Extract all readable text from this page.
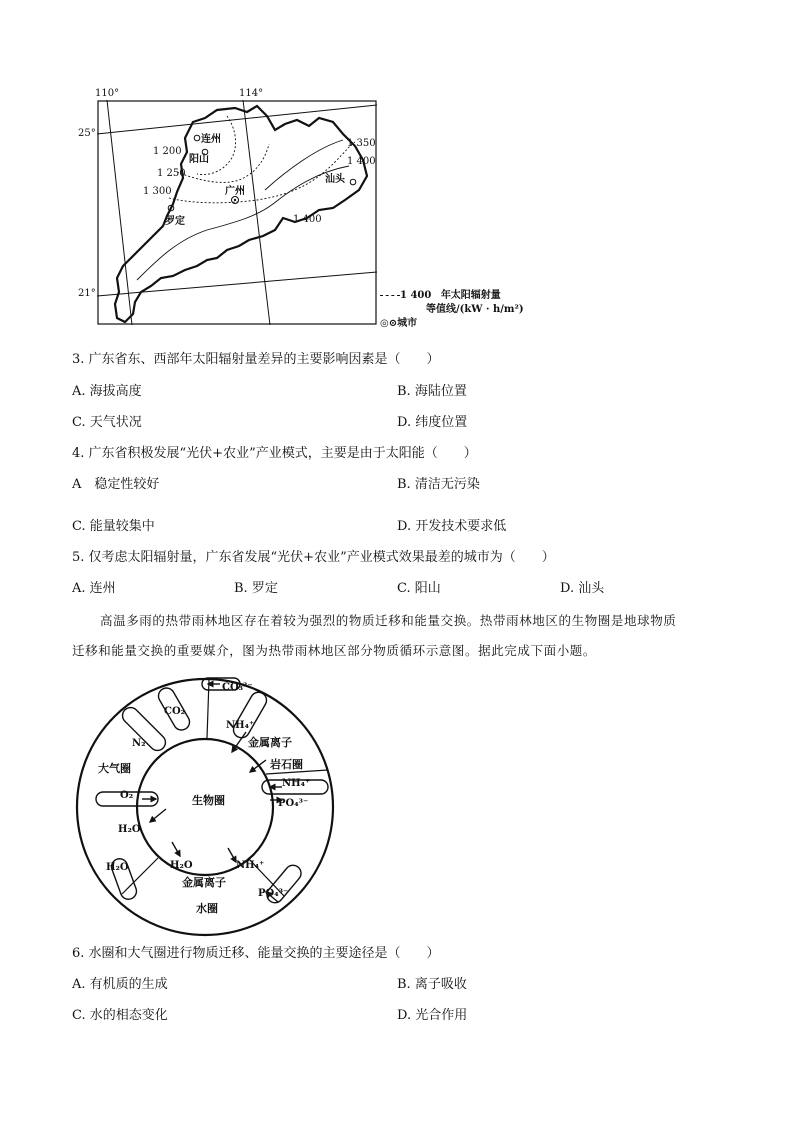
110°	114°
连州
阳山
广州
罗定
汕头
1 200
1 250
1 300
1 400
1 350
1 400
25°
21°	1 400 年太阳辐射量
等值线/(kW · h/m²)
◎⊙城市
3. 广东省东、西部年太阳辐射量差异的主要影响因素是（　　）
A. 海拔高度	B. 海陆位置
C. 天气状况	D. 纬度位置
4. 广东省积极发展“光伏+农业”产业模式，主要是由于太阳能（　　）
A　稳定性较好	B. 清洁无污染
C. 能量较集中	D. 开发技术要求低
5. 仅考虑太阳辐射量，广东省发展“光伏+农业”产业模式效果最差的城市为（　　）
A. 连州	B. 罗定	C. 阳山	D. 汕头
高温多雨的热带雨林地区存在着较为强烈的物质迁移和能量交换。热带雨林地区的生物圈是地球物质
迁移和能量交换的重要媒介，图为热带雨林地区部分物质循环示意图。据此完成下面小题。
生物圈
大气圈	岩石圈
水圈
金属离子
金属离子
CO₃²⁻
NH₄⁺
CO₂
N₂
NH₄⁺
PO₄³⁻
O₂
H₂O
H₂O	NH₄⁺
H₂O
PO₄³⁻
6. 水圈和大气圈进行物质迁移、能量交换的主要途径是（　　）
A. 有机质的生成	B. 离子吸收
C. 水的相态变化	D. 光合作用
